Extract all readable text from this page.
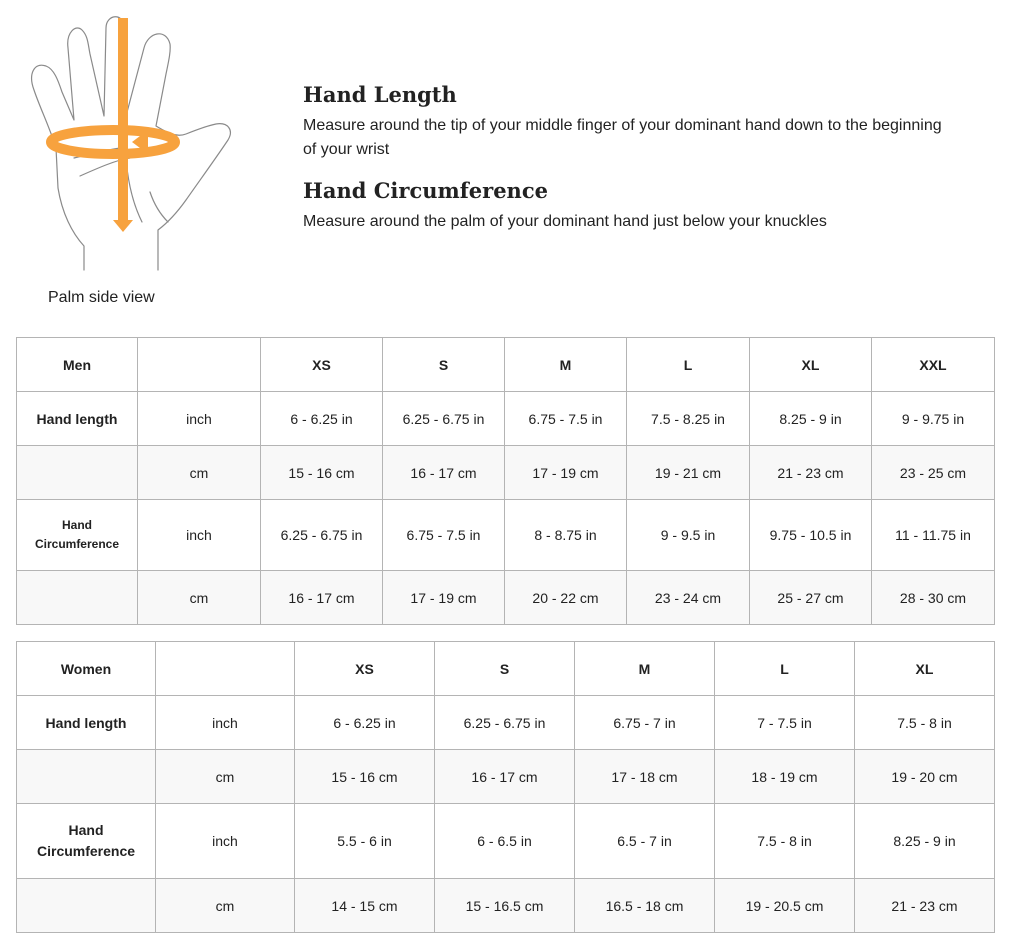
Palm side view
Hand Length

Measure around the tip of your middle finger of your dominant hand down to the beginning of your wrist

Hand Circumference

Measure around the palm of your dominant hand just below your knuckles

Men		XS	S	M	L	XL	XXL
Hand length	inch	6 - 6.25 in	6.25 - 6.75 in	6.75 - 7.5 in	7.5 - 8.25 in	8.25 - 9 in	9 - 9.75 in
	cm	15 - 16 cm	16 - 17 cm	17 - 19 cm	19 - 21 cm	21 - 23 cm	23 - 25 cm
Hand Circumference	inch	6.25 - 6.75 in	6.75 - 7.5 in	8 - 8.75 in	9 - 9.5 in	9.75 - 10.5 in	11 - 11.75 in
	cm	16 - 17 cm	17 - 19 cm	20 - 22 cm	23 - 24 cm	25 - 27 cm	28 - 30 cm
Women		XS	S	M	L	XL
Hand length	inch	6 - 6.25 in	6.25 - 6.75 in	6.75 - 7 in	7 - 7.5 in	7.5 - 8 in
	cm	15 - 16 cm	16 - 17 cm	17 - 18 cm	18 - 19 cm	19 - 20 cm
Hand Circumference	inch	5.5 - 6 in	6 - 6.5 in	6.5 - 7 in	7.5 - 8 in	8.25 - 9 in
	cm	14 - 15 cm	15 - 16.5 cm	16.5 - 18 cm	19 - 20.5 cm	21 - 23 cm
